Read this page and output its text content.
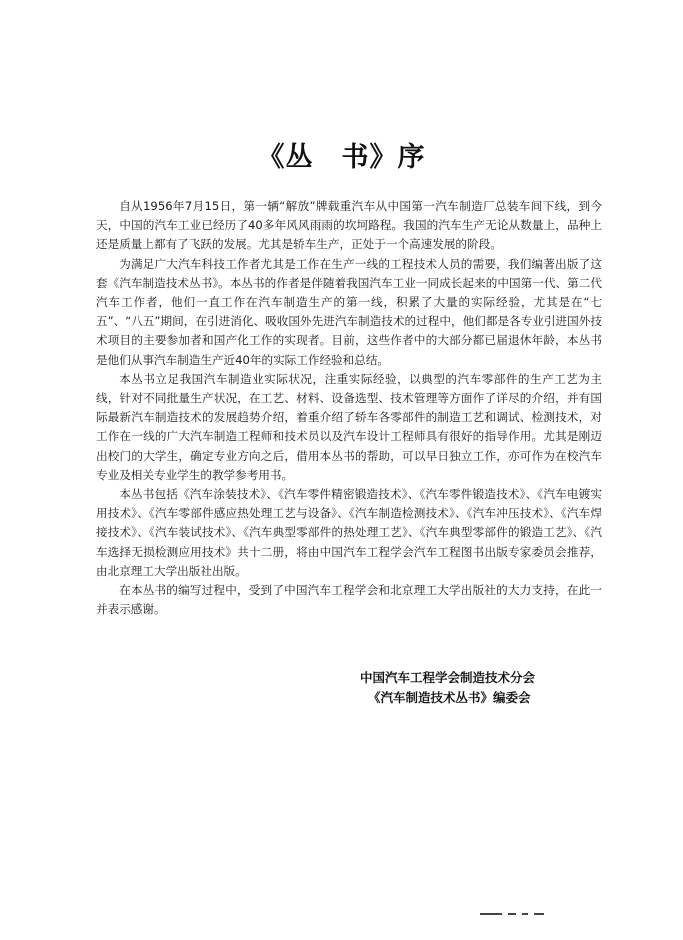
《丛　书》序

自从1956年7月15日，第一辆“解放”牌载重汽车从中国第一汽车制造厂总装车间下线，到今天，中国的汽车工业已经历了40多年风风雨雨的坎坷路程。我国的汽车生产无论从数量上，品种上还是质量上都有了飞跃的发展。尤其是轿车生产，正处于一个高速发展的阶段。

为满足广大汽车科技工作者尤其是工作在生产一线的工程技术人员的需要，我们编著出版了这套《汽车制造技术丛书》。本丛书的作者是伴随着我国汽车工业一同成长起来的中国第一代、第二代汽车工作者，他们一直工作在汽车制造生产的第一线，积累了大量的实际经验，尤其是在“七五”、“八五”期间，在引进消化、吸收国外先进汽车制造技术的过程中，他们都是各专业引进国外技术项目的主要参加者和国产化工作的实现者。目前，这些作者中的大部分都已届退休年龄，本丛书是他们从事汽车制造生产近40年的实际工作经验和总结。

本丛书立足我国汽车制造业实际状况，注重实际经验，以典型的汽车零部件的生产工艺为主线，针对不同批量生产状况，在工艺、材料、设备选型、技术管理等方面作了详尽的介绍，并有国际最新汽车制造技术的发展趋势介绍，着重介绍了轿车各零部件的制造工艺和调试、检测技术，对工作在一线的广大汽车制造工程师和技术员以及汽车设计工程师具有很好的指导作用。尤其是刚迈出校门的大学生，确定专业方向之后，借用本丛书的帮助，可以早日独立工作，亦可作为在校汽车专业及相关专业学生的教学参考用书。

本丛书包括《汽车涂装技术》、《汽车零件精密锻造技术》、《汽车零件锻造技术》、《汽车电镀实用技术》、《汽车零部件感应热处理工艺与设备》、《汽车制造检测技术》、《汽车冲压技术》、《汽车焊接技术》、《汽车装试技术》、《汽车典型零部件的热处理工艺》、《汽车典型零部件的锻造工艺》、《汽车选择无损检测应用技术》共十二册，将由中国汽车工程学会汽车工程图书出版专家委员会推荐，由北京理工大学出版社出版。

在本丛书的编写过程中，受到了中国汽车工程学会和北京理工大学出版社的大力支持，在此一并表示感谢。

中国汽车工程学会制造技术分会
《汽车制造技术丛书》编委会
